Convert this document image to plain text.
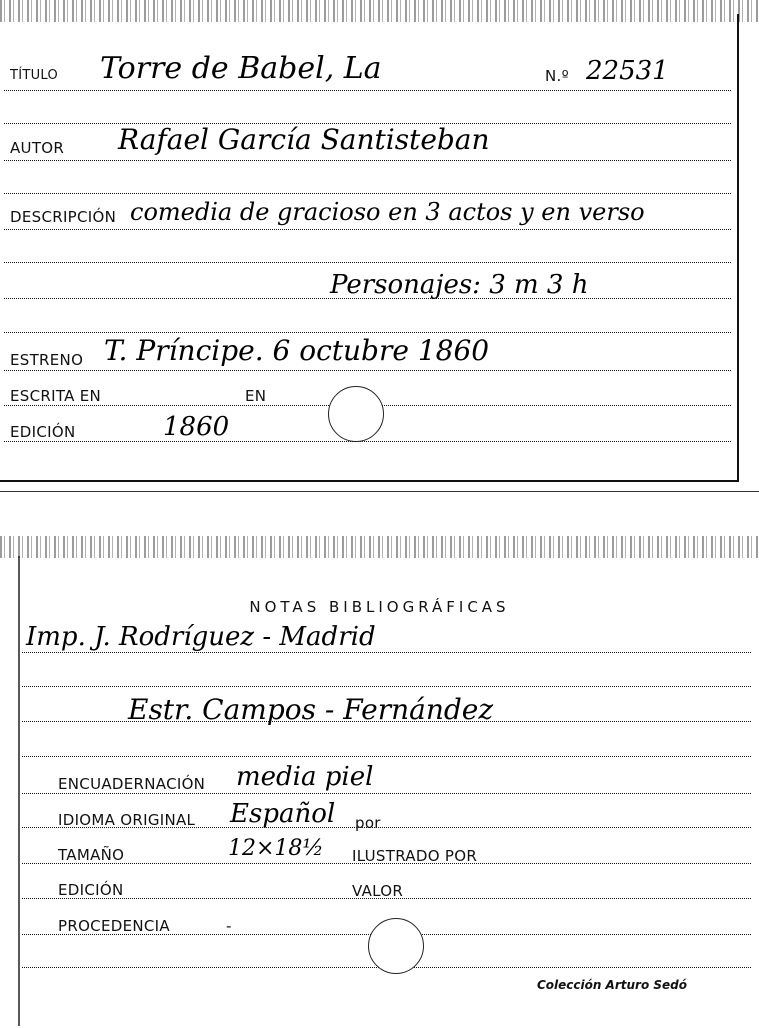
TÍTULO Torre de Babel, La	N.º 22531
AUTOR Rafael García Santisteban
DESCRIPCIÓN comedia de gracioso en 3 actos y en verso
Personajes: 3 m 3 h
ESTRENO T. Príncipe. 6 octubre 1860
ESCRITA EN	EN
EDICIÓN	1860
NOTAS BIBLIOGRÁFICAS
Imp. J. Rodríguez - Madrid
Estr. Campos - Fernández
ENCUADERNACIÓN media piel
IDIOMA ORIGINAL Español por
TAMAÑO	12×18½ ILUSTRADO POR
EDICIÓN	VALOR
PROCEDENCIA	-
Colección Arturo Sedó
